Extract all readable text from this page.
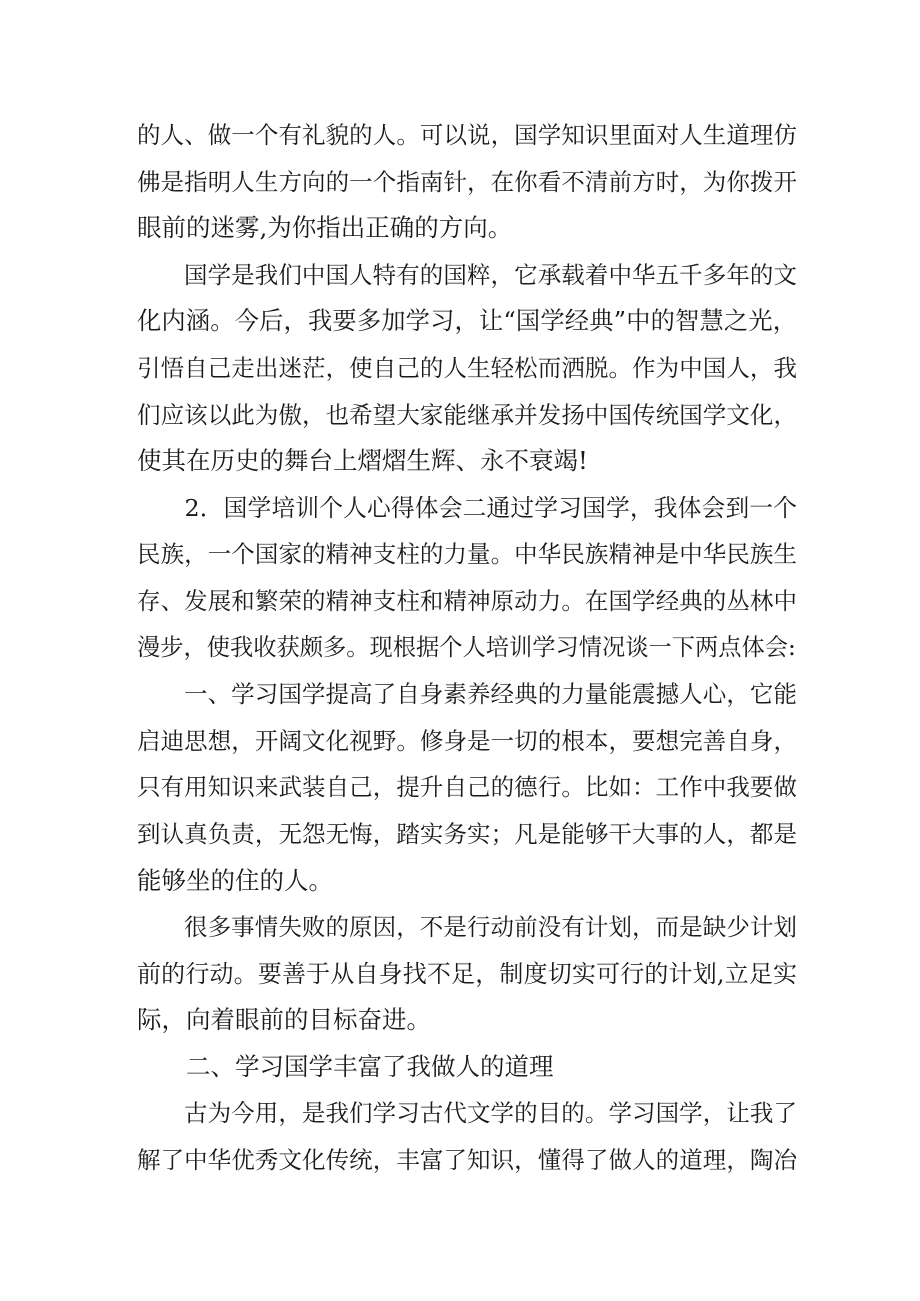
的人、做一个有礼貌的人。可以说，国学知识里面对人生道理仿
佛是指明人生方向的一个指南针，在你看不清前方时，为你拨开
眼前的迷雾,为你指出正确的方向。

国学是我们中国人特有的国粹，它承载着中华五千多年的文
化内涵。今后，我要多加学习，让“国学经典”中的智慧之光，
引悟自己走出迷茫，使自己的人生轻松而洒脱。作为中国人，我
们应该以此为傲，也希望大家能继承并发扬中国传统国学文化，
使其在历史的舞台上熠熠生辉、永不衰竭!

2．国学培训个人心得体会二通过学习国学，我体会到一个
民族，一个国家的精神支柱的力量。中华民族精神是中华民族生
存、发展和繁荣的精神支柱和精神原动力。在国学经典的丛林中
漫步，使我收获颇多。现根据个人培训学习情况谈一下两点体会:

一、学习国学提高了自身素养经典的力量能震撼人心，它能
启迪思想，开阔文化视野。修身是一切的根本，要想完善自身，
只有用知识来武装自己，提升自己的德行。比如：工作中我要做
到认真负责，无怨无悔，踏实务实；凡是能够干大事的人，都是
能够坐的住的人。

很多事情失败的原因，不是行动前没有计划，而是缺少计划
前的行动。要善于从自身找不足，制度切实可行的计划,立足实
际，向着眼前的目标奋进。

二、学习国学丰富了我做人的道理

古为今用，是我们学习古代文学的目的。学习国学，让我了
解了中华优秀文化传统，丰富了知识，懂得了做人的道理，陶冶
